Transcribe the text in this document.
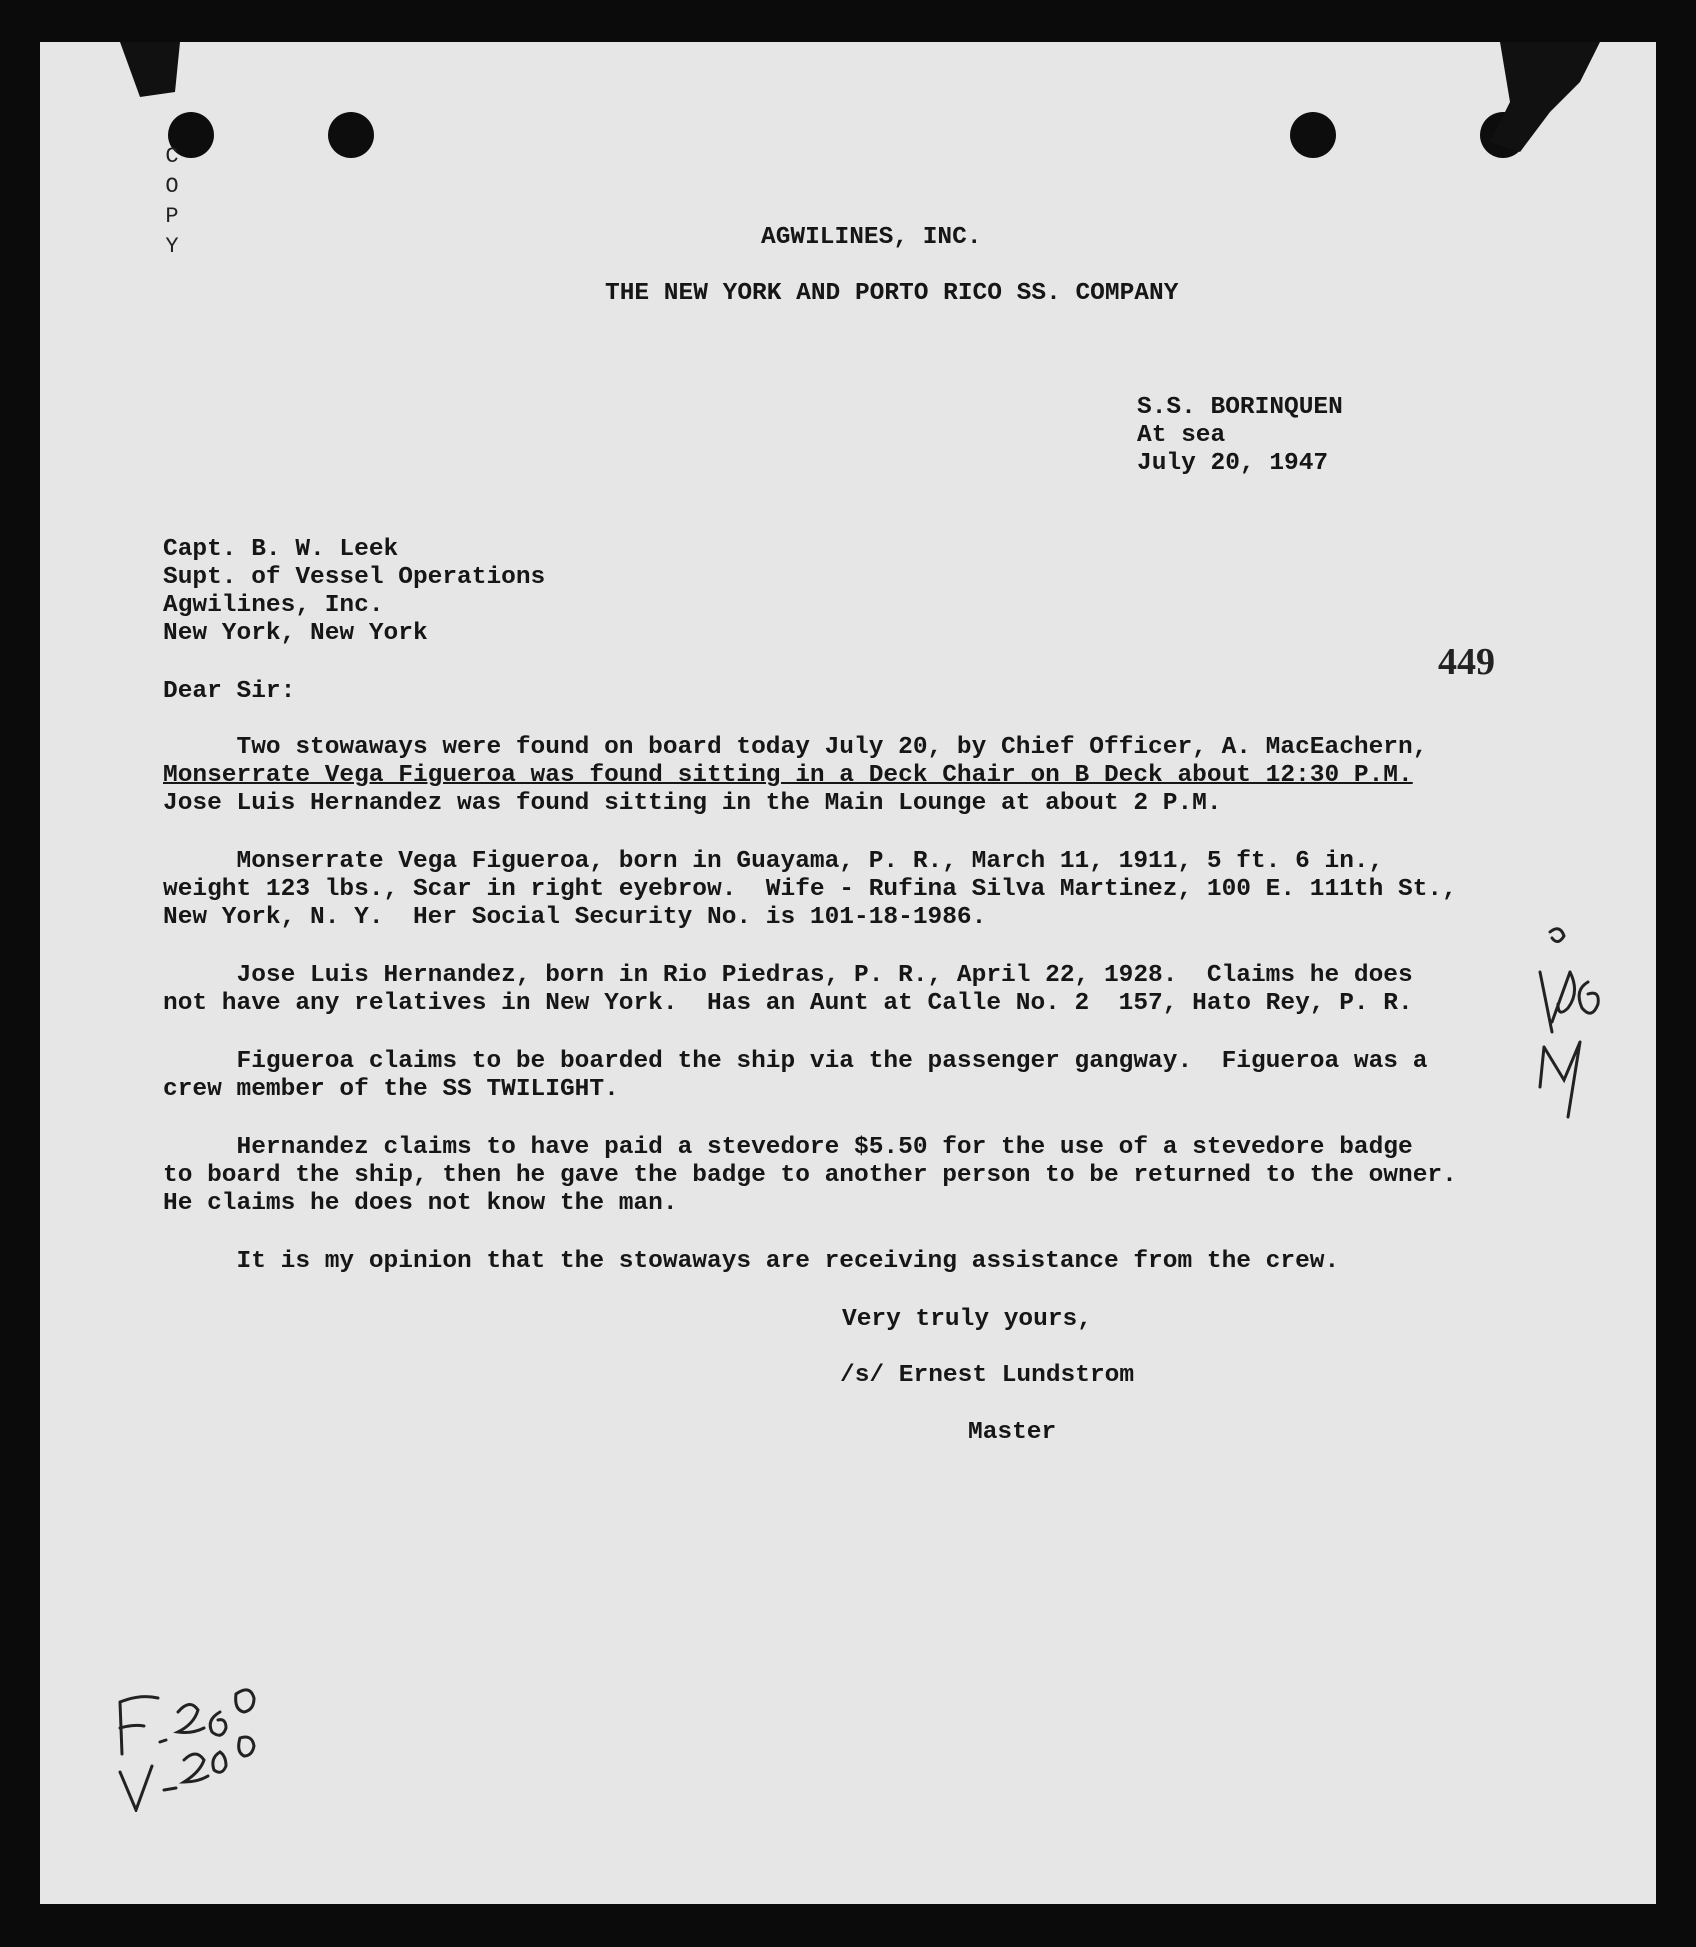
C
O
P
Y	AGWILINES, INC.
THE NEW YORK AND PORTO RICO SS. COMPANY
S.S. BORINQUEN
At sea
July 20, 1947
Capt. B. W. Leek
Supt. of Vessel Operations
Agwilines, Inc.
New York, New York
449
Dear Sir:
Two stowaways were found on board today July 20, by Chief Officer, A. MacEachern,
Monserrate Vega Figueroa was found sitting in a Deck Chair on B Deck about 12:30 P.M.
Jose Luis Hernandez was found sitting in the Main Lounge at about 2 P.M.
Monserrate Vega Figueroa, born in Guayama, P. R., March 11, 1911, 5 ft. 6 in.,
weight 123 lbs., Scar in right eyebrow.  Wife - Rufina Silva Martinez, 100 E. 111th St.,
New York, N. Y.  Her Social Security No. is 101-18-1986.
Jose Luis Hernandez, born in Rio Piedras, P. R., April 22, 1928.  Claims he does
not have any relatives in New York.  Has an Aunt at Calle No. 2  157, Hato Rey, P. R.
Figueroa claims to be boarded the ship via the passenger gangway.  Figueroa was a
crew member of the SS TWILIGHT.
Hernandez claims to have paid a stevedore $5.50 for the use of a stevedore badge
to board the ship, then he gave the badge to another person to be returned to the owner.
He claims he does not know the man.
It is my opinion that the stowaways are receiving assistance from the crew.
Very truly yours,
/s/ Ernest Lundstrom
Master
